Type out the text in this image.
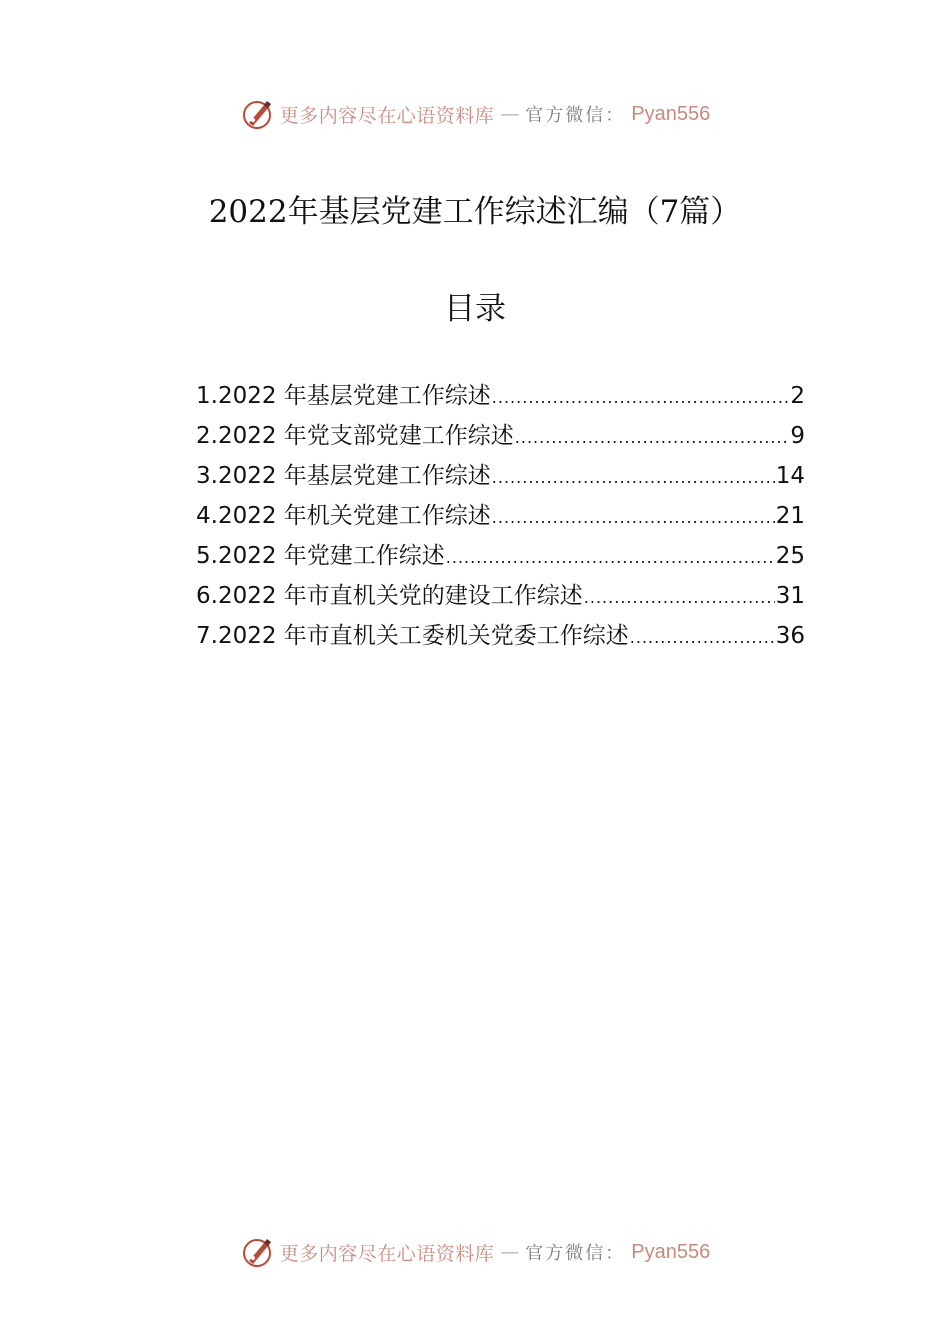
更多内容尽在心语资料库 — 官方微信： Pyan556
2022年基层党建工作综述汇编（7篇）
目录
1.2022 年基层党建工作综述 .....	2
2.2022 年党支部党建工作综述 .....	9
3.2022 年基层党建工作综述 .....	14
4.2022 年机关党建工作综述 .....	21
5.2022 年党建工作综述 .....	25
6.2022 年市直机关党的建设工作综述 .....	31
7.2022 年市直机关工委机关党委工作综述 .....	36
更多内容尽在心语资料库 — 官方微信： Pyan556
